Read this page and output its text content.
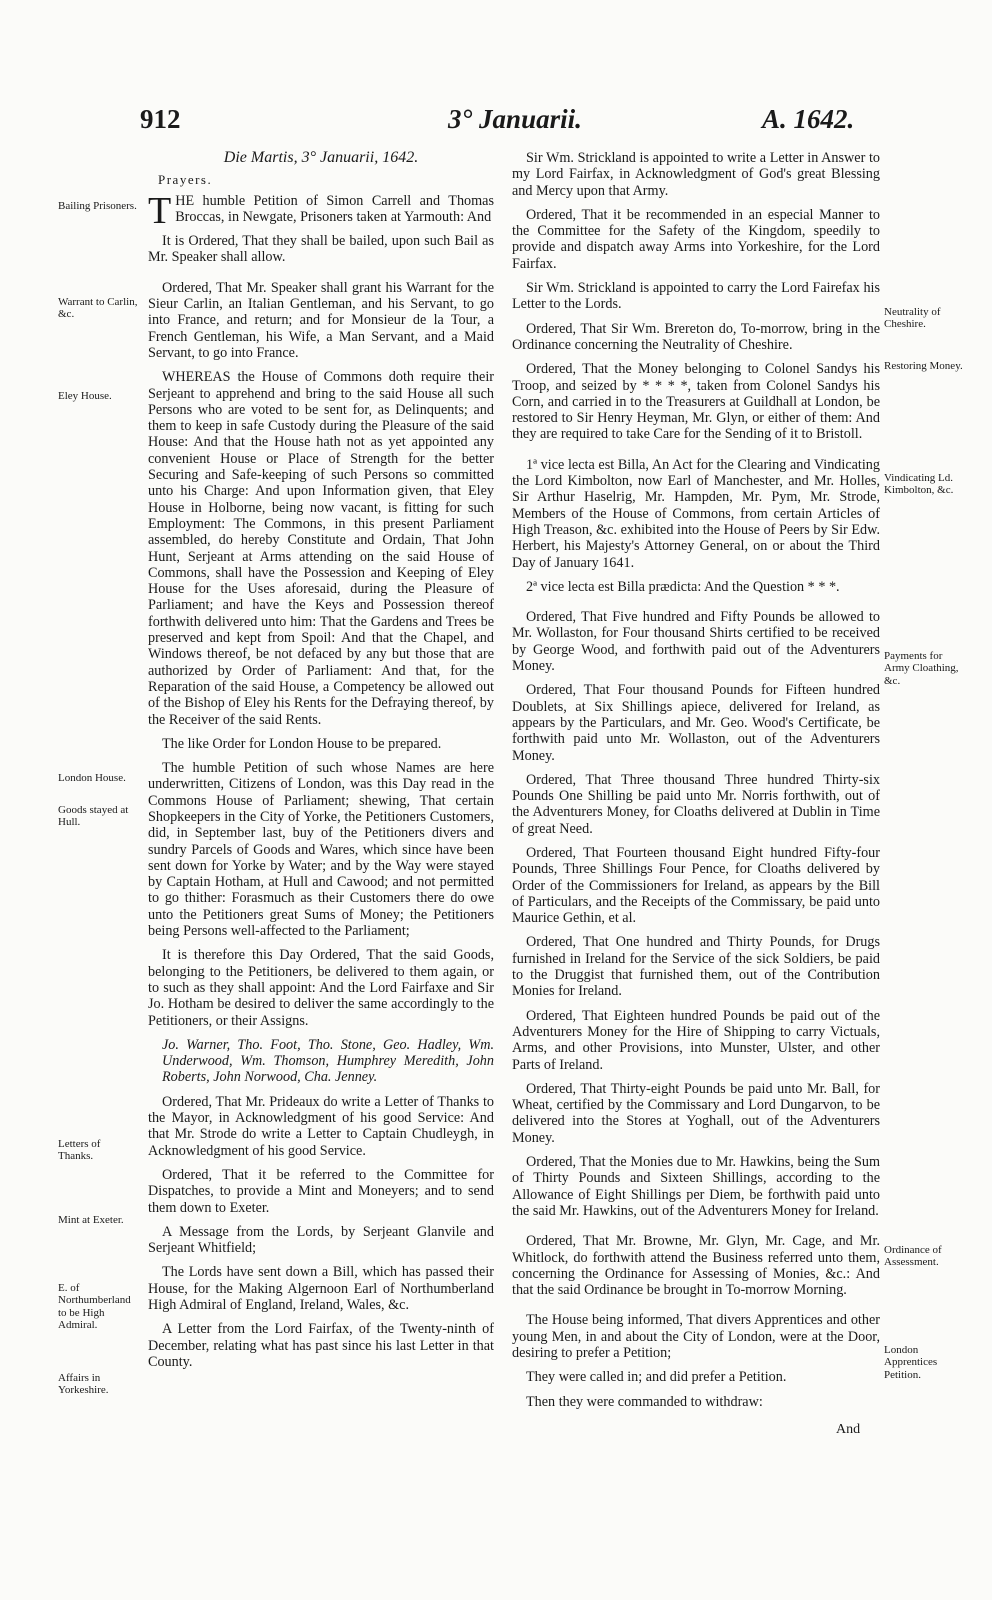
912	3° Januarii.	A. 1642.
Bailing Prisoners.
Warrant to Carlin, &c.
Eley House.
London House.
Goods stayed at Hull.
Letters of Thanks.
Mint at Exeter.
E. of Northumberland to be High Admiral.
Affairs in Yorkeshire.
Die Martis, 3° Januarii, 1642.
Prayers.

THE humble Petition of Simon Carrell and Thomas Broccas, in Newgate, Prisoners taken at Yarmouth: And

It is Ordered, That they shall be bailed, upon such Bail as Mr. Speaker shall allow.

Ordered, That Mr. Speaker shall grant his Warrant for the Sieur Carlin, an Italian Gentleman, and his Servant, to go into France, and return; and for Monsieur de la Tour, a French Gentleman, his Wife, a Man Servant, and a Maid Servant, to go into France.

WHEREAS the House of Commons doth require their Serjeant to apprehend and bring to the said House all such Persons who are voted to be sent for, as Delinquents; and them to keep in safe Custody during the Pleasure of the said House: And that the House hath not as yet appointed any convenient House or Place of Strength for the better Securing and Safe-keeping of such Persons so committed unto his Charge: And upon Information given, that Eley House in Holborne, being now vacant, is fitting for such Employment: The Commons, in this present Parliament assembled, do hereby Constitute and Ordain, That John Hunt, Serjeant at Arms attending on the said House of Commons, shall have the Possession and Keeping of Eley House for the Uses aforesaid, during the Pleasure of Parliament; and have the Keys and Possession thereof forthwith delivered unto him: That the Gardens and Trees be preserved and kept from Spoil: And that the Chapel, and Windows thereof, be not defaced by any but those that are authorized by Order of Parliament: And that, for the Reparation of the said House, a Competency be allowed out of the Bishop of Eley his Rents for the Defraying thereof, by the Receiver of the said Rents.

The like Order for London House to be prepared.

The humble Petition of such whose Names are here underwritten, Citizens of London, was this Day read in the Commons House of Parliament; shewing, That certain Shopkeepers in the City of Yorke, the Petitioners Customers, did, in September last, buy of the Petitioners divers and sundry Parcels of Goods and Wares, which since have been sent down for Yorke by Water; and by the Way were stayed by Captain Hotham, at Hull and Cawood; and not permitted to go thither: Forasmuch as their Customers there do owe unto the Petitioners great Sums of Money; the Petitioners being Persons well-affected to the Parliament;

It is therefore this Day Ordered, That the said Goods, belonging to the Petitioners, be delivered to them again, or to such as they shall appoint: And the Lord Fairfaxe and Sir Jo. Hotham be desired to deliver the same accordingly to the Petitioners, or their Assigns.

Jo. Warner, Tho. Foot, Tho. Stone, Geo. Hadley, Wm. Underwood, Wm. Thomson, Humphrey Meredith, John Roberts, John Norwood, Cha. Jenney.

Ordered, That Mr. Prideaux do write a Letter of Thanks to the Mayor, in Acknowledgment of his good Service: And that Mr. Strode do write a Letter to Captain Chudleygh, in Acknowledgment of his good Service.

Ordered, That it be referred to the Committee for Dispatches, to provide a Mint and Moneyers; and to send them down to Exeter.

A Message from the Lords, by Serjeant Glanvile and Serjeant Whitfield;

The Lords have sent down a Bill, which has passed their House, for the Making Algernoon Earl of Northumberland High Admiral of England, Ireland, Wales, &c.

A Letter from the Lord Fairfax, of the Twenty-ninth of December, relating what has past since his last Letter in that County.

Sir Wm. Strickland is appointed to write a Letter in Answer to my Lord Fairfax, in Acknowledgment of God's great Blessing and Mercy upon that Army.

Ordered, That it be recommended in an especial Manner to the Committee for the Safety of the Kingdom, speedily to provide and dispatch away Arms into Yorkeshire, for the Lord Fairfax.

Sir Wm. Strickland is appointed to carry the Lord Fairefax his Letter to the Lords.

Ordered, That Sir Wm. Brereton do, To-morrow, bring in the Ordinance concerning the Neutrality of Cheshire.

Ordered, That the Money belonging to Colonel Sandys his Troop, and seized by * * * *, taken from Colonel Sandys his Corn, and carried in to the Treasurers at Guildhall at London, be restored to Sir Henry Heyman, Mr. Glyn, or either of them: And they are required to take Care for the Sending of it to Bristoll.

1ª vice lecta est Billa, An Act for the Clearing and Vindicating the Lord Kimbolton, now Earl of Manchester, and Mr. Holles, Sir Arthur Haselrig, Mr. Hampden, Mr. Pym, Mr. Strode, Members of the House of Commons, from certain Articles of High Treason, &c. exhibited into the House of Peers by Sir Edw. Herbert, his Majesty's Attorney General, on or about the Third Day of January 1641.

2ª vice lecta est Billa prædicta: And the Question * * *.

Ordered, That Five hundred and Fifty Pounds be allowed to Mr. Wollaston, for Four thousand Shirts certified to be received by George Wood, and forthwith paid out of the Adventurers Money.

Ordered, That Four thousand Pounds for Fifteen hundred Doublets, at Six Shillings apiece, delivered for Ireland, as appears by the Particulars, and Mr. Geo. Wood's Certificate, be forthwith paid unto Mr. Wollaston, out of the Adventurers Money.

Ordered, That Three thousand Three hundred Thirty-six Pounds One Shilling be paid unto Mr. Norris forthwith, out of the Adventurers Money, for Cloaths delivered at Dublin in Time of great Need.

Ordered, That Fourteen thousand Eight hundred Fifty-four Pounds, Three Shillings Four Pence, for Cloaths delivered by Order of the Commissioners for Ireland, as appears by the Bill of Particulars, and the Receipts of the Commissary, be paid unto Maurice Gethin, et al.

Ordered, That One hundred and Thirty Pounds, for Drugs furnished in Ireland for the Service of the sick Soldiers, be paid to the Druggist that furnished them, out of the Contribution Monies for Ireland.

Ordered, That Eighteen hundred Pounds be paid out of the Adventurers Money for the Hire of Shipping to carry Victuals, Arms, and other Provisions, into Munster, Ulster, and other Parts of Ireland.

Ordered, That Thirty-eight Pounds be paid unto Mr. Ball, for Wheat, certified by the Commissary and Lord Dungarvon, to be delivered into the Stores at Yoghall, out of the Adventurers Money.

Ordered, That the Monies due to Mr. Hawkins, being the Sum of Thirty Pounds and Sixteen Shillings, according to the Allowance of Eight Shillings per Diem, be forthwith paid unto the said Mr. Hawkins, out of the Adventurers Money for Ireland.

Ordered, That Mr. Browne, Mr. Glyn, Mr. Cage, and Mr. Whitlock, do forthwith attend the Business referred unto them, concerning the Ordinance for Assessing of Monies, &c.: And that the said Ordinance be brought in To-morrow Morning.

The House being informed, That divers Apprentices and other young Men, in and about the City of London, were at the Door, desiring to prefer a Petition;

They were called in; and did prefer a Petition.

Then they were commanded to withdraw:

Neutrality of Cheshire.
Restoring Money.
Vindicating Ld. Kimbolton, &c.
Payments for Army Cloathing, &c.
Ordinance of Assessment.
London Apprentices Petition.
And
